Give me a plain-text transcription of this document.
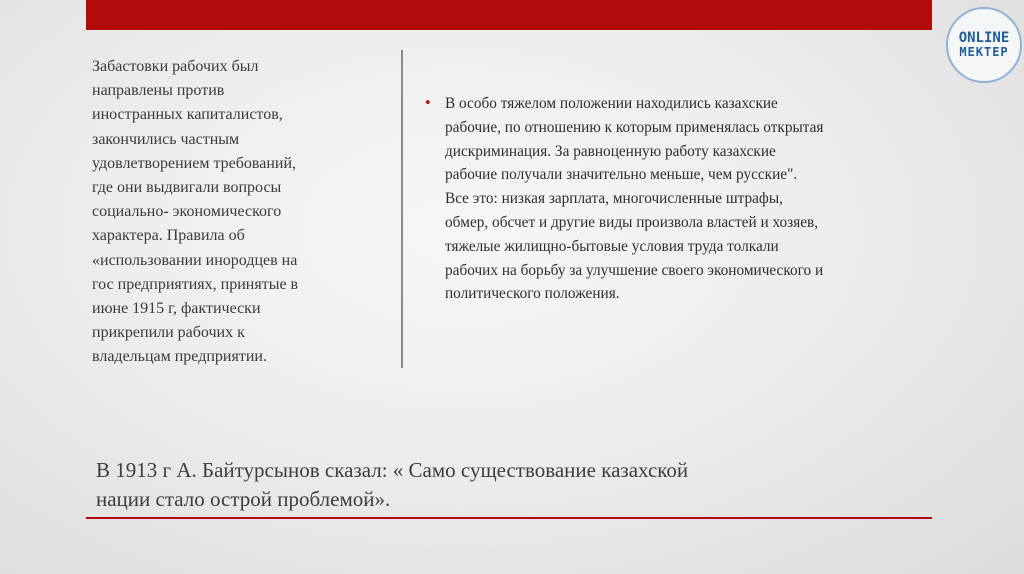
ONLINE
МЕКТЕР
Забастовки рабочих был
направлены против
иностранных капиталистов,
закончились частным
удовлетворением требований,
где они выдвигали вопросы
социально- экономического
характера. Правила об
«использовании инородцев на
гос предприятиях, принятые в
июне 1915 г, фактически
прикрепили рабочих к
владельцам предприятии.
• В особо тяжелом положении находились казахские
рабочие, по отношению к которым применялась открытая
дискриминация. За равноценную работу казахские
рабочие получали значительно меньше, чем русские".
Все это: низкая зарплата, многочисленные штрафы,
обмер, обсчет и другие виды произвола властей и хозяев,
тяжелые жилищно-бытовые условия труда толкали
рабочих на борьбу за улучшение своего экономического и
политического положения.
В 1913 г А. Байтурсынов сказал: « Само существование казахской
нации стало острой проблемой».
